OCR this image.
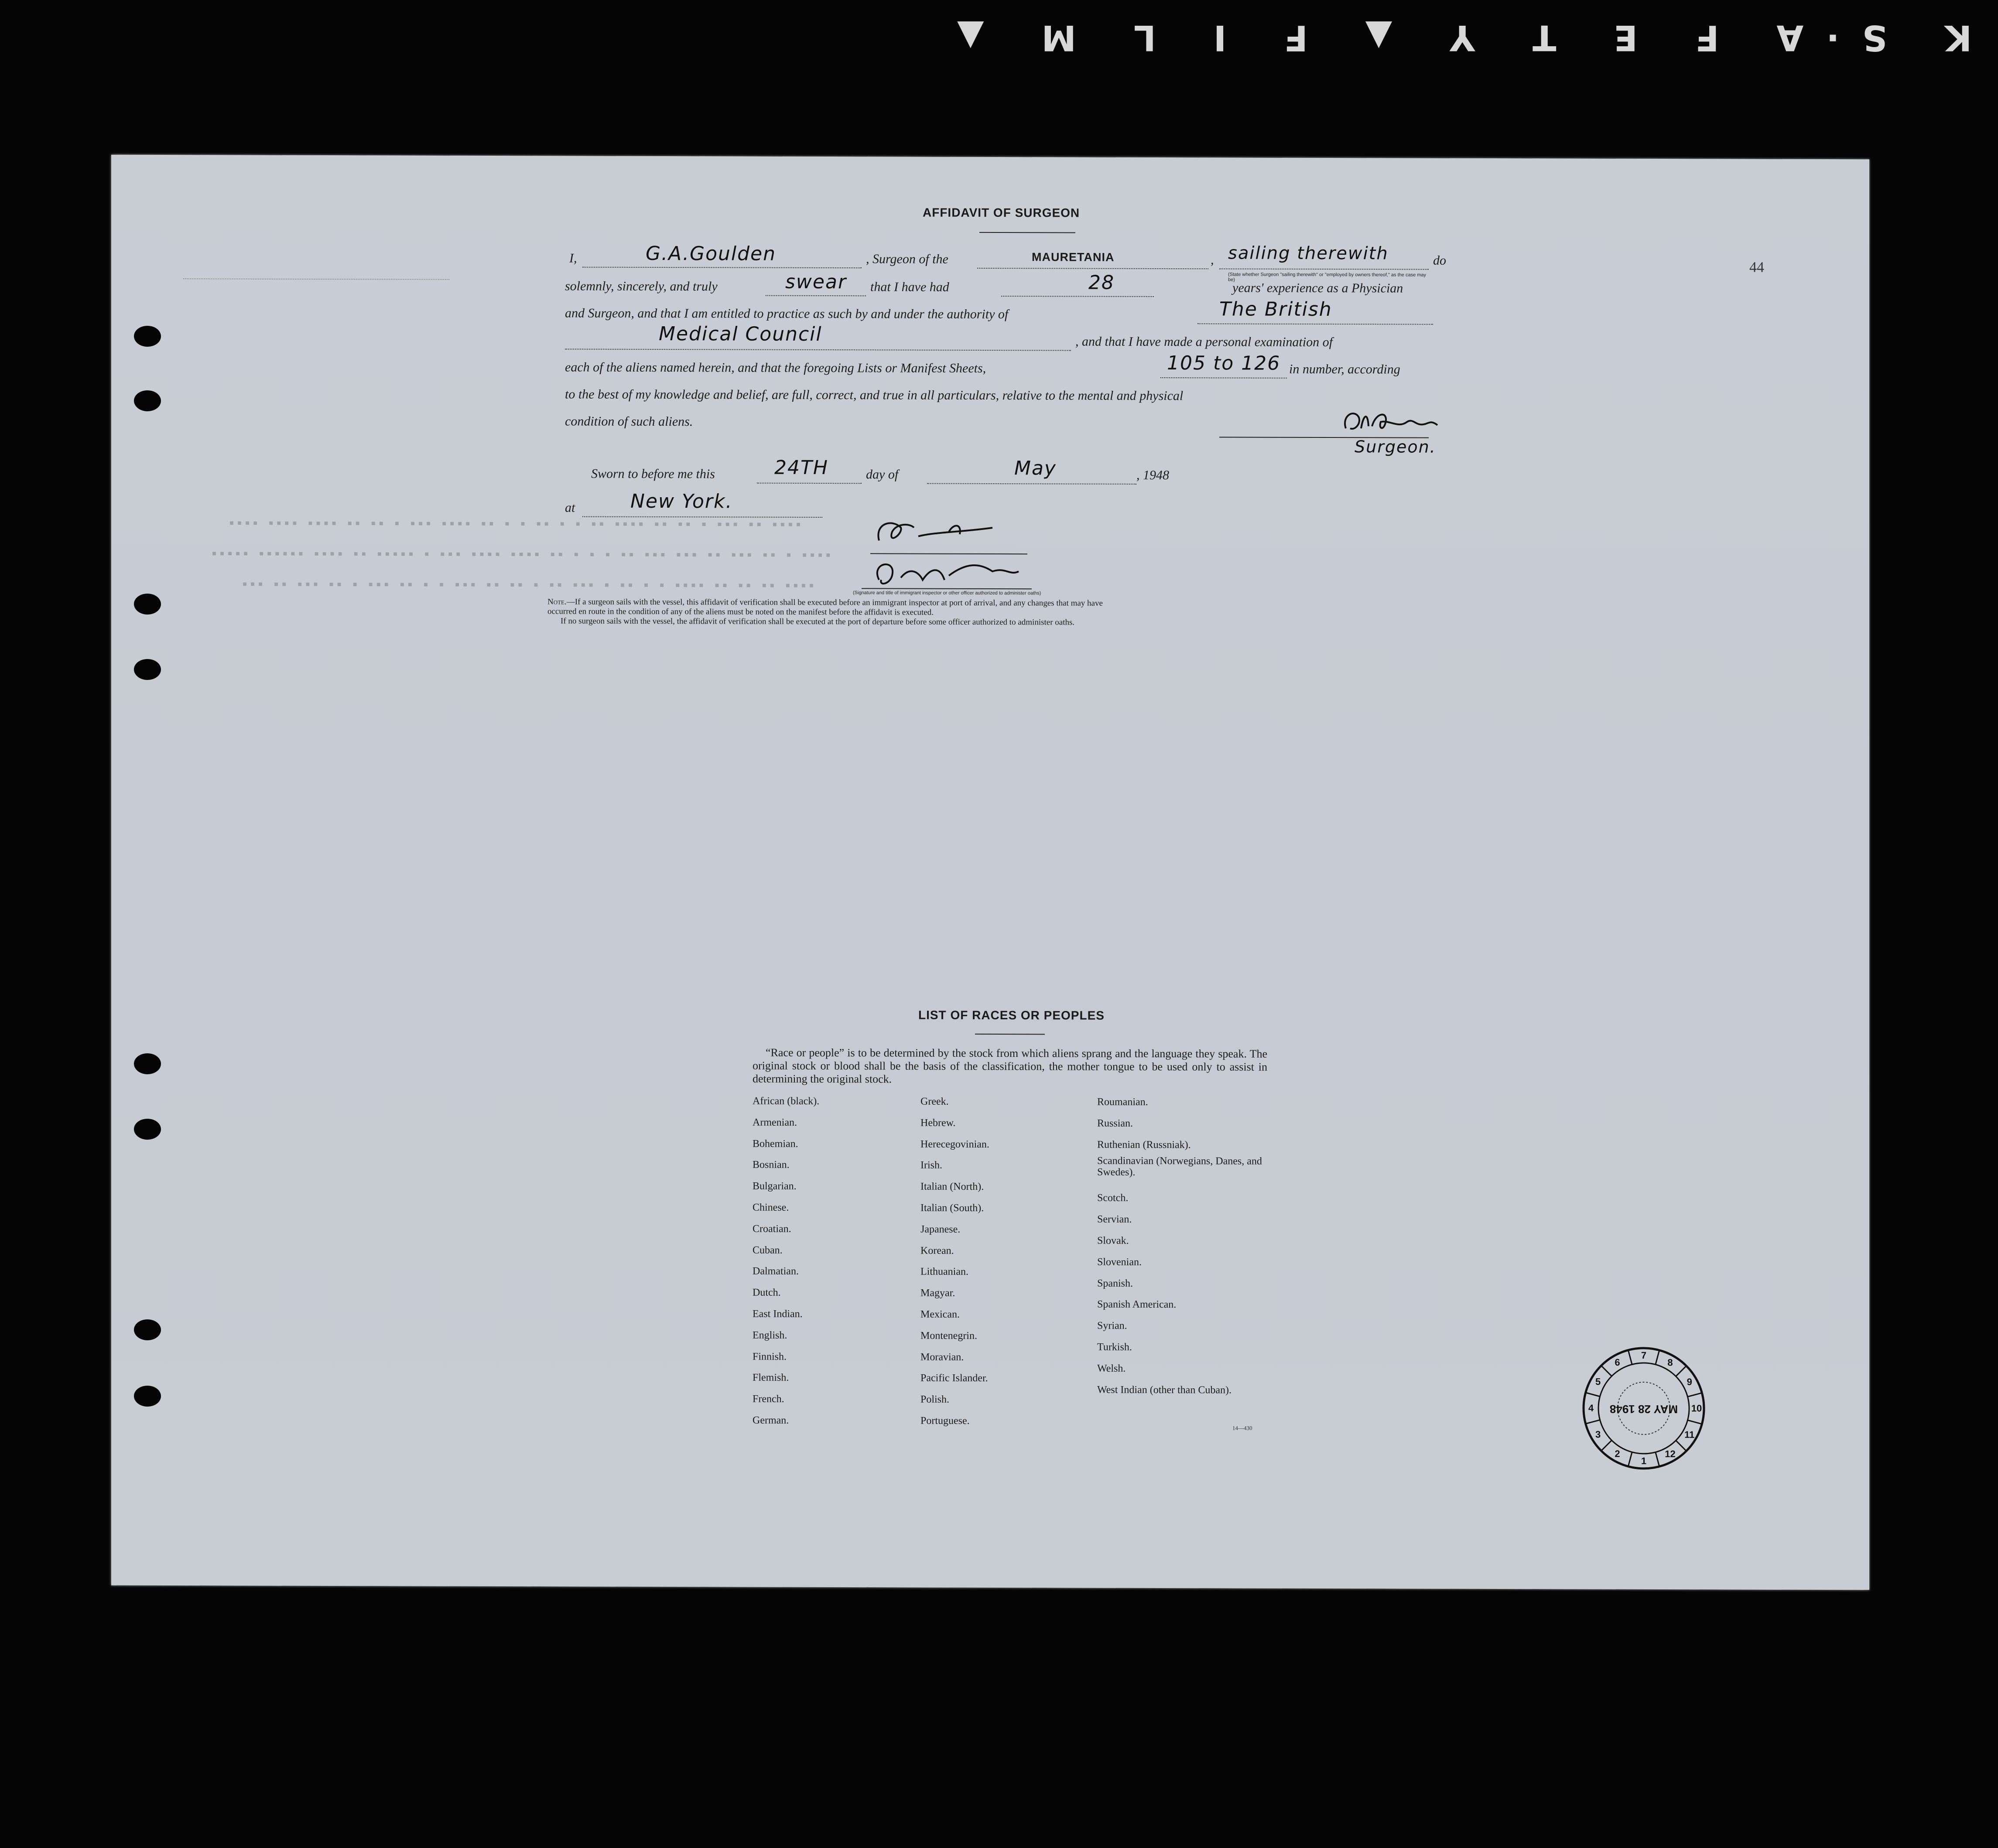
K S·A F E T Y ▲ F I L M ▲
44
▪▪▪▪ ▪▪▪▪ ▪▪▪▪ ▪▪ ▪▪ ▪ ▪▪▪ ▪▪▪▪ ▪▪ ▪ ▪ ▪▪ ▪ ▪ ▪▪ ▪▪▪▪ ▪▪ ▪▪ ▪ ▪▪▪ ▪▪ ▪▪▪▪
▪▪▪▪▪ ▪▪▪▪▪▪ ▪▪▪▪ ▪▪ ▪▪▪▪▪ ▪ ▪▪▪ ▪▪▪▪ ▪▪▪▪ ▪▪ ▪ ▪ ▪ ▪▪ ▪▪▪ ▪▪▪ ▪▪ ▪▪▪ ▪▪ ▪ ▪▪▪▪
▪▪▪ ▪▪ ▪▪▪ ▪▪ ▪ ▪▪▪ ▪▪ ▪ ▪ ▪▪▪ ▪▪ ▪▪ ▪ ▪▪ ▪▪▪ ▪ ▪▪ ▪ ▪ ▪▪▪▪ ▪▪ ▪▪ ▪▪ ▪▪▪▪
AFFIDAVIT OF SURGEON
I,	G.A.Goulden	, Surgeon of the	MAURETANIA	, sailing therewith	do
(State whether Surgeon "sailing therewith" or "employed by owners thereof," as the case may be)
solemnly, sincerely, and truly	swear that I have had	28	years' experience as a Physician
and Surgeon, and that I am entitled to practice as such by and under the authority of	The British
Medical Council	, and that I have made a personal examination of
each of the aliens named herein, and that the foregoing Lists or Manifest Sheets,	105 to 126 in number, according
to the best of my knowledge and belief, are full, correct, and true in all particulars, relative to the mental and physical
condition of such aliens.
Surgeon.
Sworn to before me this	24TH	day of	May	, 1948
at	New York.
(Signature and title of immigrant inspector or other officer authorized to administer oaths)
Note.—If a surgeon sails with the vessel, this affidavit of verification shall be executed before an immigrant inspector at port of arrival, and any changes that may have
occurred en route in the condition of any of the aliens must be noted on the manifest before the affidavit is executed.
If no surgeon sails with the vessel, the affidavit of verification shall be executed at the port of departure before some officer authorized to administer oaths.
LIST OF RACES OR PEOPLES
“Race or people” is to be determined by the stock from which aliens sprang and the language they speak. The original stock or blood shall be the basis of the classification, the mother tongue to be used only to assist in determining the original stock.
African (black).
Armenian.
Bohemian.
Bosnian.
Bulgarian.
Chinese.
Croatian.
Cuban.
Dalmatian.
Dutch.
East Indian.
English.
Finnish.
Flemish.
French.
German.
Greek.
Hebrew.
Herecegovinian.
Irish.
Italian (North).
Italian (South).
Japanese.
Korean.
Lithuanian.
Magyar.
Mexican.
Montenegrin.
Moravian.
Pacific Islander.
Polish.
Portuguese.
Roumanian.
Russian.
Ruthenian (Russniak).
Scandinavian (Norwegians, Danes, and Swedes).
Scotch.
Servian.
Slovak.
Slovenian.
Spanish.
Spanish American.
Syrian.
Turkish.
Welsh.
West Indian (other than Cuban).
14—430
1
2
3
4
5
6
7
8
9
10
11
12
MAY 28 1948
